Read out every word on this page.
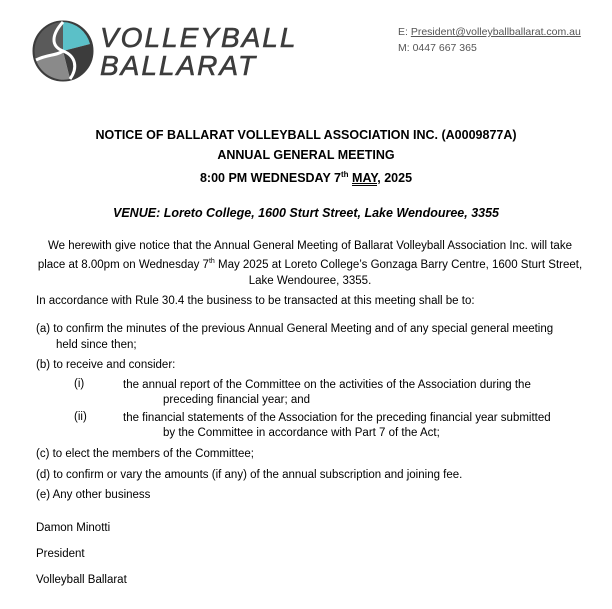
VOLLEYBALL
BALLARAT
E: President@volleyballballarat.com.au
M: 0447 667 365
NOTICE OF BALLARAT VOLLEYBALL ASSOCIATION INC. (A0009877A)
ANNUAL GENERAL MEETING
8:00 PM WEDNESDAY 7th MAY, 2025
VENUE: Loreto College, 1600 Sturt Street, Lake Wendouree, 3355
We herewith give notice that the Annual General Meeting of Ballarat Volleyball Association Inc. will take place at 8.00pm on Wednesday 7th May 2025 at Loreto College’s Gonzaga Barry Centre, 1600 Sturt Street, Lake Wendouree, 3355.
In accordance with Rule 30.4 the business to be transacted at this meeting shall be to:
(a) to confirm the minutes of the previous Annual General Meeting and of any special general meeting
held since then;
(b) to receive and consider:
(i)	the annual report of the Committee on the activities of the Association during the
preceding financial year; and
(ii)	the financial statements of the Association for the preceding financial year submitted
by the Committee in accordance with Part 7 of the Act;
(c) to elect the members of the Committee;
(d) to confirm or vary the amounts (if any) of the annual subscription and joining fee.
(e) Any other business
Damon Minotti
President
Volleyball Ballarat
